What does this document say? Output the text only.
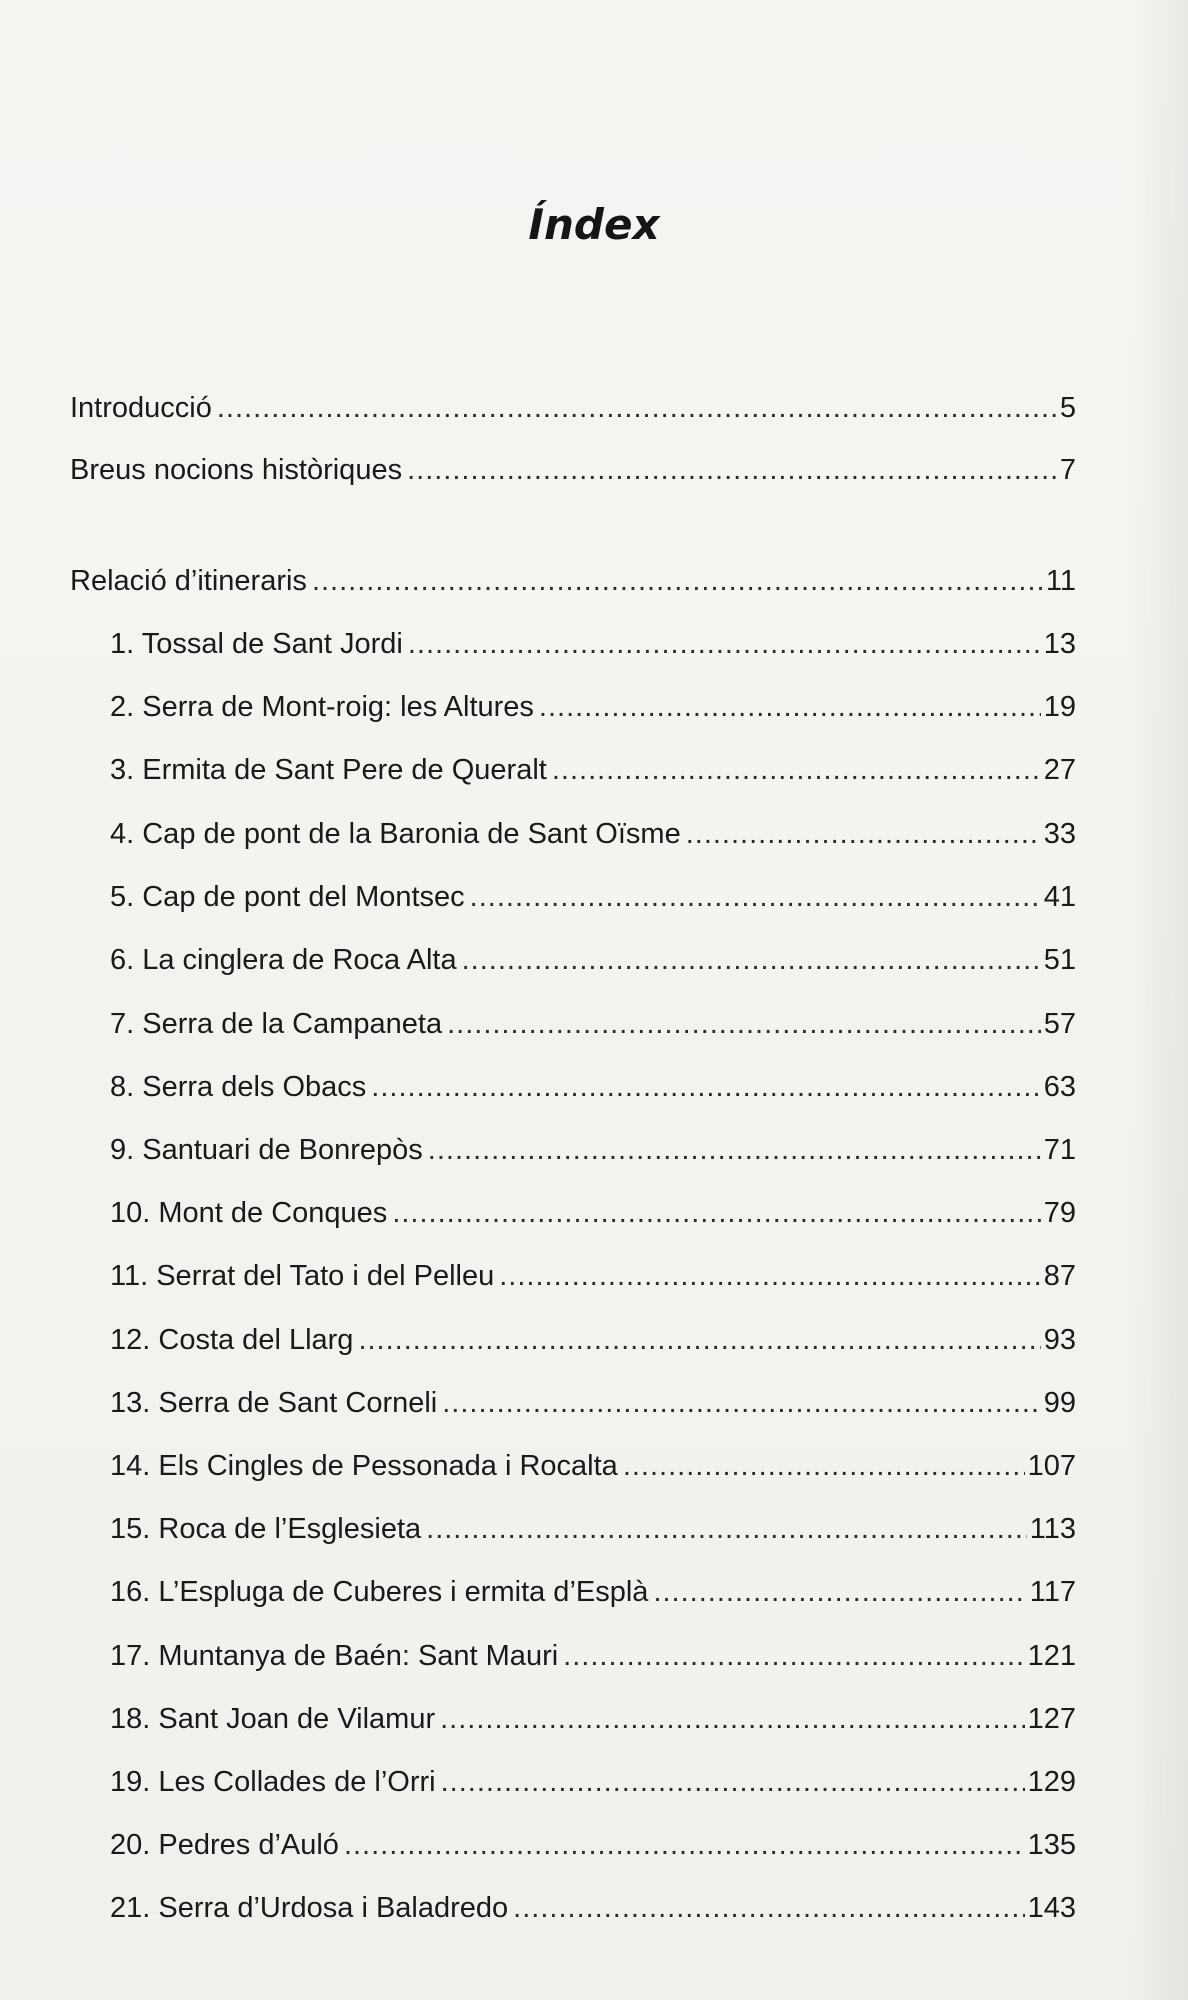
Índex
Introducció .....	5
Breus nocions històriques .....	7
Relació d’itineraris .....	11
1. Tossal de Sant Jordi .....	13
2. Serra de Mont-roig: les Altures .....	19
3. Ermita de Sant Pere de Queralt .....	27
4. Cap de pont de la Baronia de Sant Oïsme .....	33
5. Cap de pont del Montsec .....	41
6. La cinglera de Roca Alta .....	51
7. Serra de la Campaneta .....	57
8. Serra dels Obacs .....	63
9. Santuari de Bonrepòs .....	71
10. Mont de Conques .....	79
11. Serrat del Tato i del Pelleu .....	87
12. Costa del Llarg .....	93
13. Serra de Sant Corneli .....	99
14. Els Cingles de Pessonada i Rocalta .....	107
15. Roca de l’Esglesieta .....	113
16. L’Espluga de Cuberes i ermita d’Esplà .....	117
17. Muntanya de Baén: Sant Mauri .....	121
18. Sant Joan de Vilamur .....	127
19. Les Collades de l’Orri .....	129
20. Pedres d’Auló .....	135
21. Serra d’Urdosa i Baladredo .....	143
